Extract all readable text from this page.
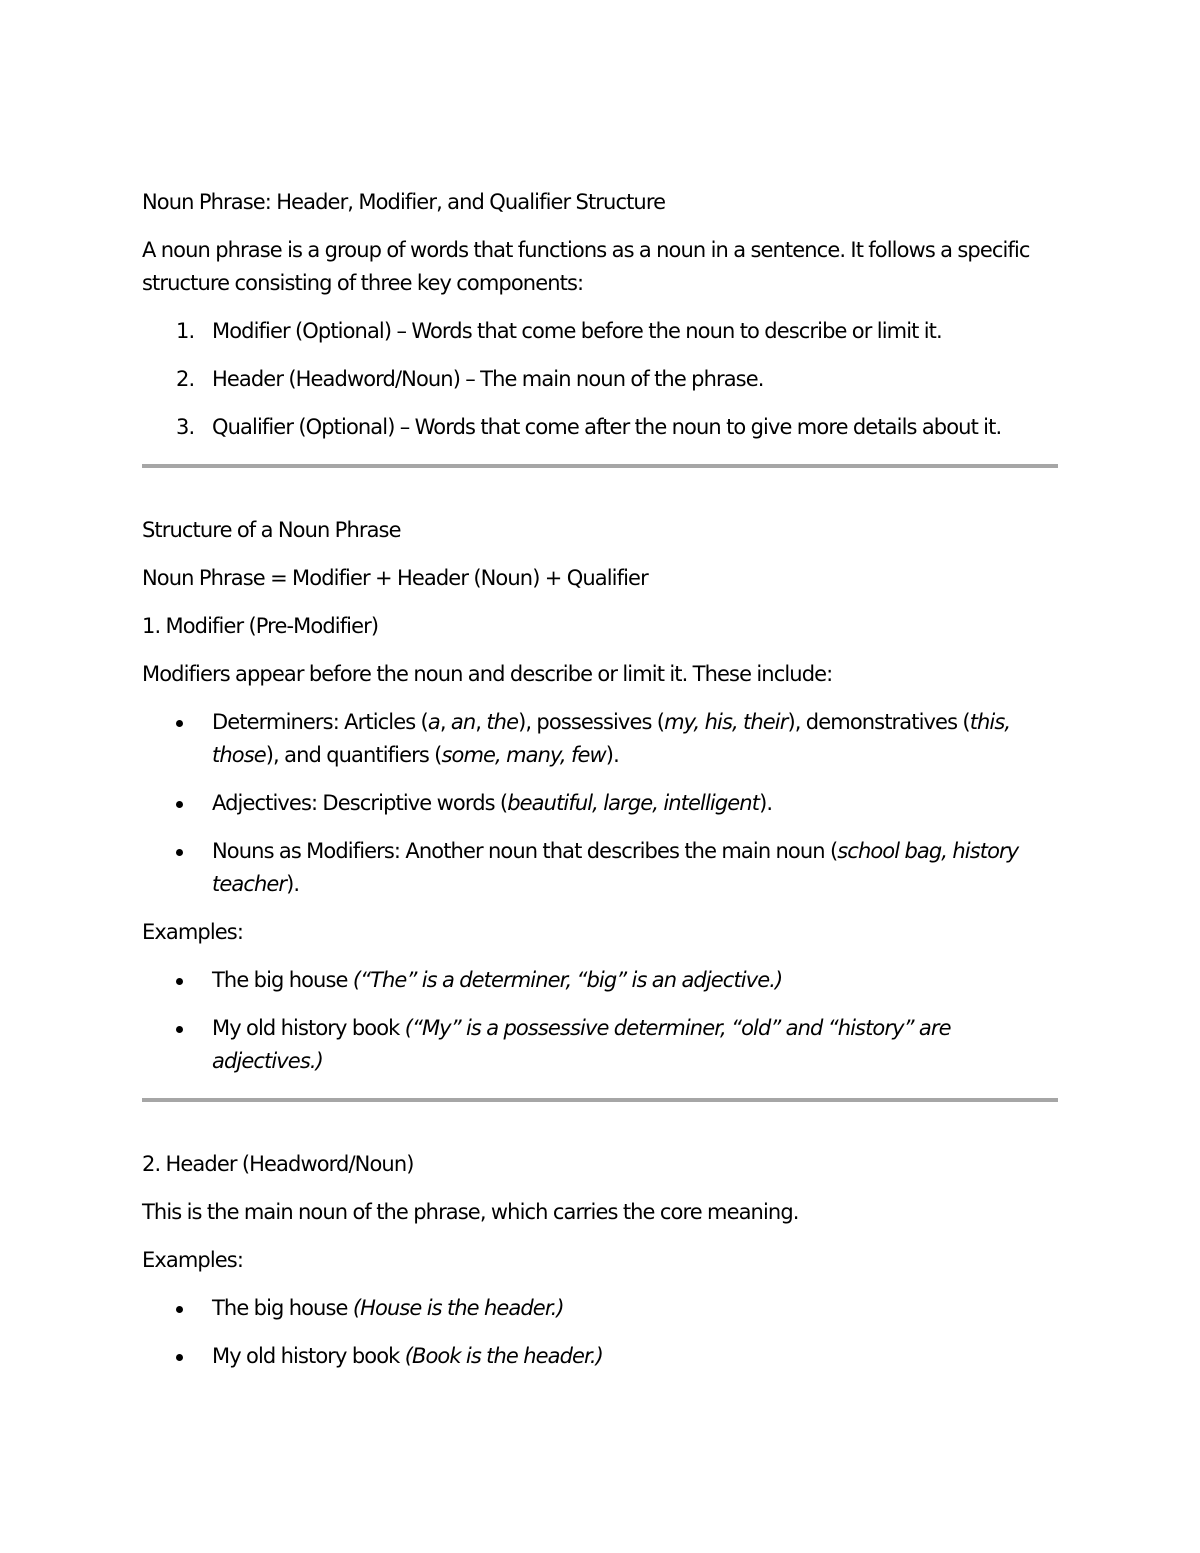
Noun Phrase: Header, Modifier, and Qualifier Structure

A noun phrase is a group of words that functions as a noun in a sentence. It follows a specific structure consisting of three key components:

1. Modifier (Optional) – Words that come before the noun to describe or limit it.
2. Header (Headword/Noun) – The main noun of the phrase.
3. Qualifier (Optional) – Words that come after the noun to give more details about it.

Structure of a Noun Phrase

Noun Phrase = Modifier + Header (Noun) + Qualifier

1. Modifier (Pre-Modifier)

Modifiers appear before the noun and describe or limit it. These include:

Determiners: Articles (a, an, the), possessives (my, his, their), demonstratives (this, those), and quantifiers (some, many, few).
Adjectives: Descriptive words (beautiful, large, intelligent).
Nouns as Modifiers: Another noun that describes the main noun (school bag, history teacher).

Examples:

The big house (“The” is a determiner, “big” is an adjective.)
My old history book (“My” is a possessive determiner, “old” and “history” are adjectives.)

2. Header (Headword/Noun)

This is the main noun of the phrase, which carries the core meaning.

Examples:

The big house (House is the header.)
My old history book (Book is the header.)
